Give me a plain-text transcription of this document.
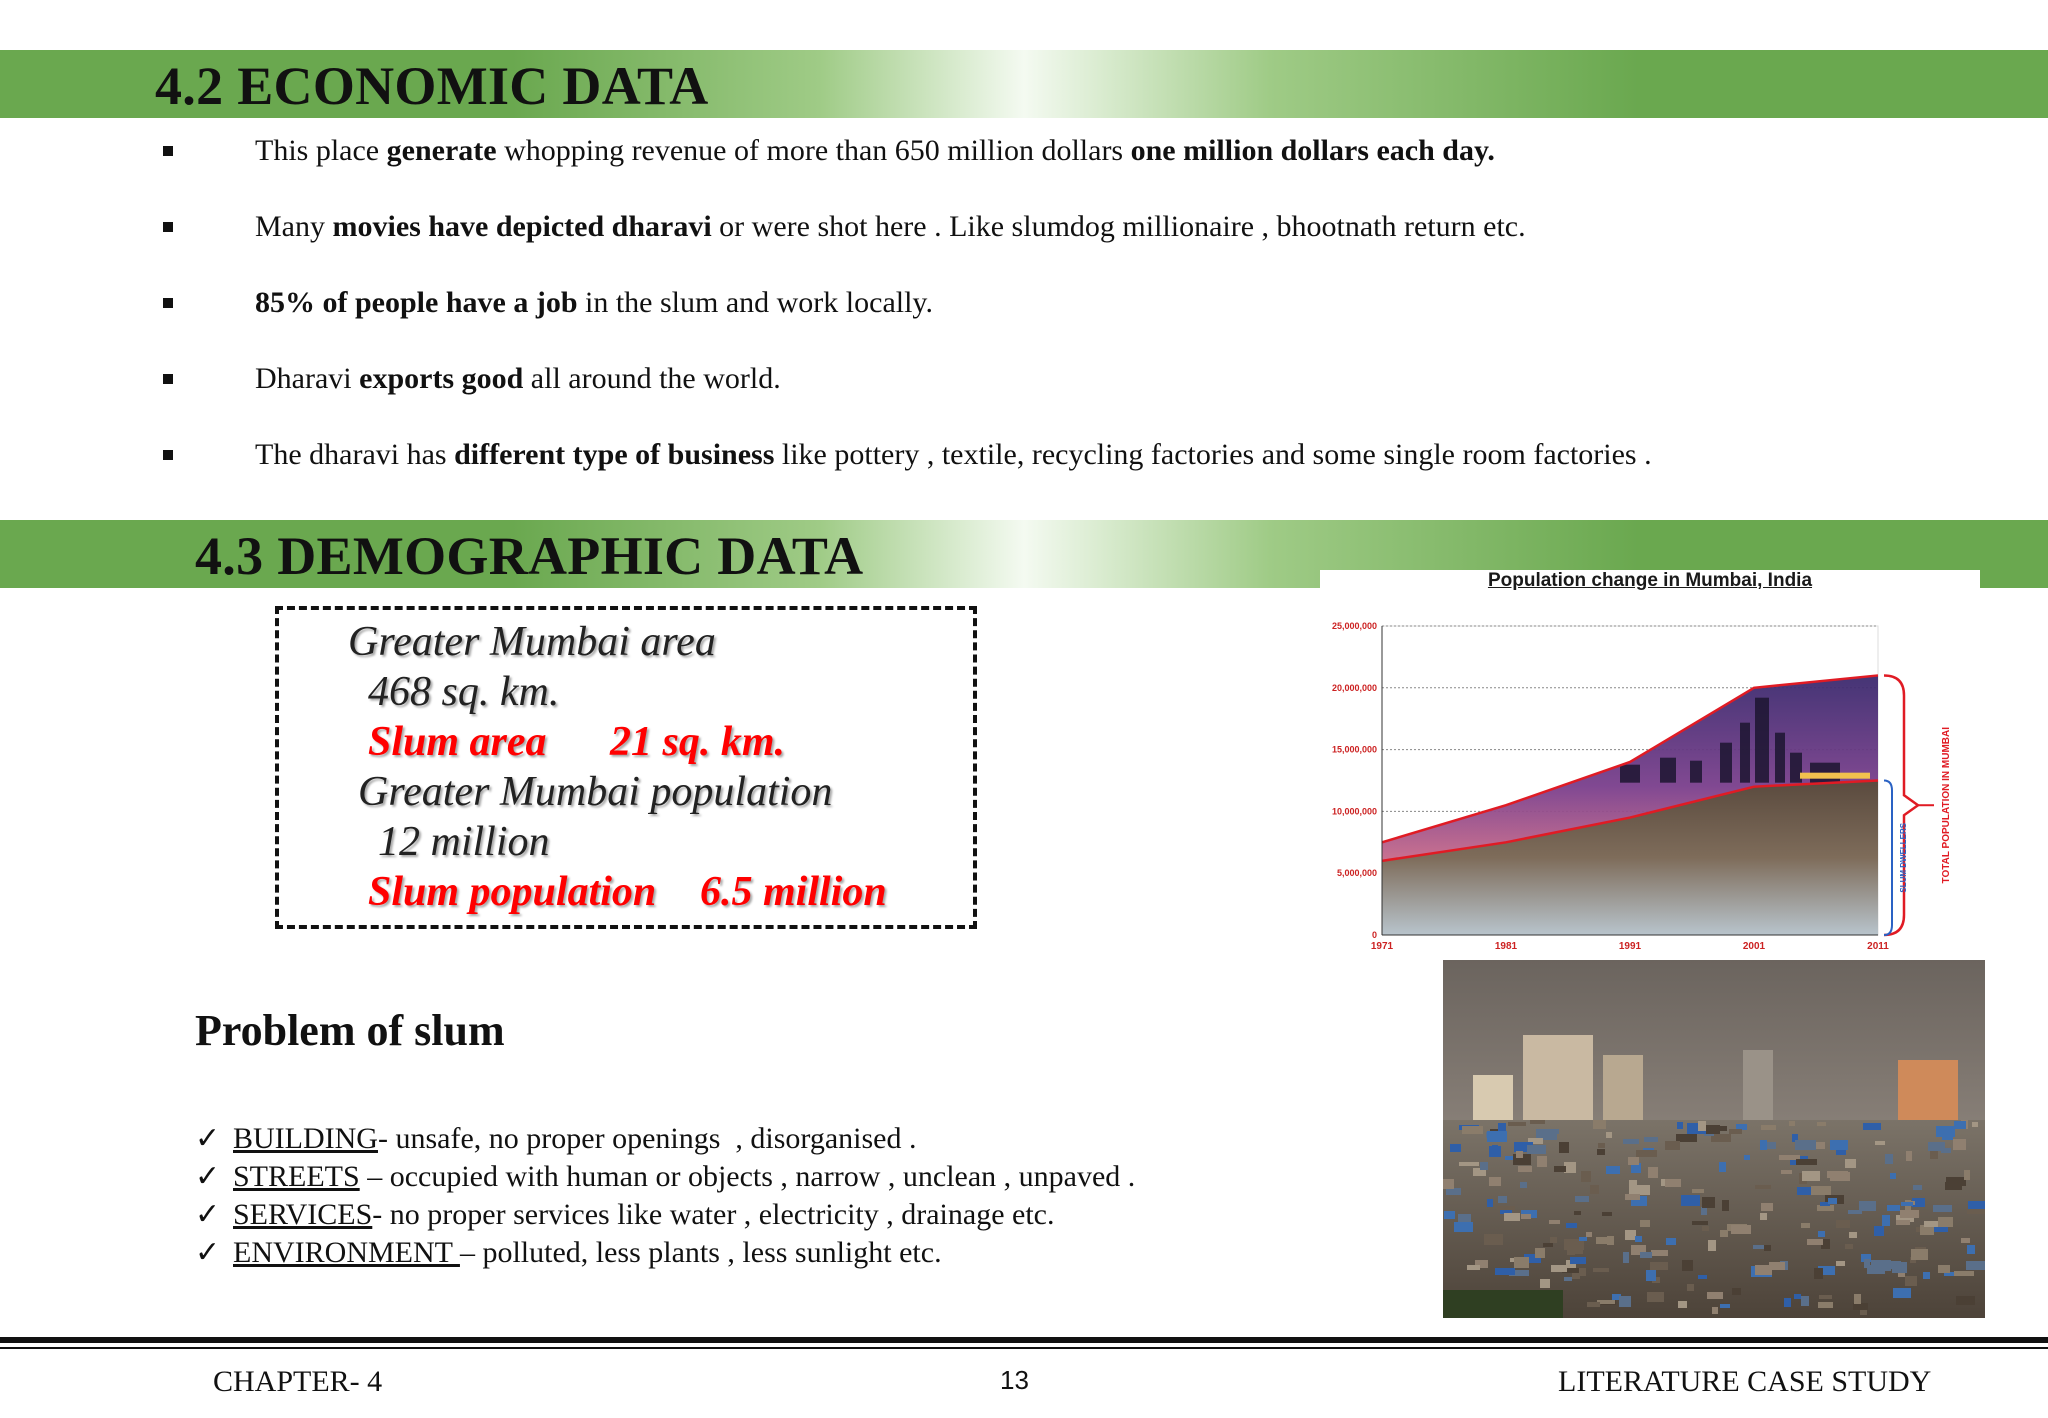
4.2 ECONOMIC DATA
This place generate whopping revenue of more than 650 million dollars one million dollars each day.
Many movies have depicted dharavi or were shot here . Like slumdog millionaire , bhootnath return etc.
85% of people have a job in the slum and work locally.
Dharavi exports good all around the world.
The dharavi has different type of business like pottery , textile, recycling factories and some single room factories .
4.3 DEMOGRAPHIC DATA
Greater Mumbai area
468 sq. km.
Slum area 21 sq. km.
Greater Mumbai population
12 million
Slum population 6.5 million
Population change in Mumbai, India
0
5,000,000
10,000,000
15,000,000
20,000,000
25,000,000
1971	1981	1991	2001	2011
TOTAL POPULATION IN MUMBAI
SLUM DWELLERS
Problem of slum
✓ BUILDING- unsafe, no proper openings  , disorganised .
✓ STREETS – occupied with human or objects , narrow , unclean , unpaved .
✓ SERVICES- no proper services like water , electricity , drainage etc.
✓ ENVIRONMENT – polluted, less plants , less sunlight etc.
CHAPTER- 4	13	LITERATURE CASE STUDY
